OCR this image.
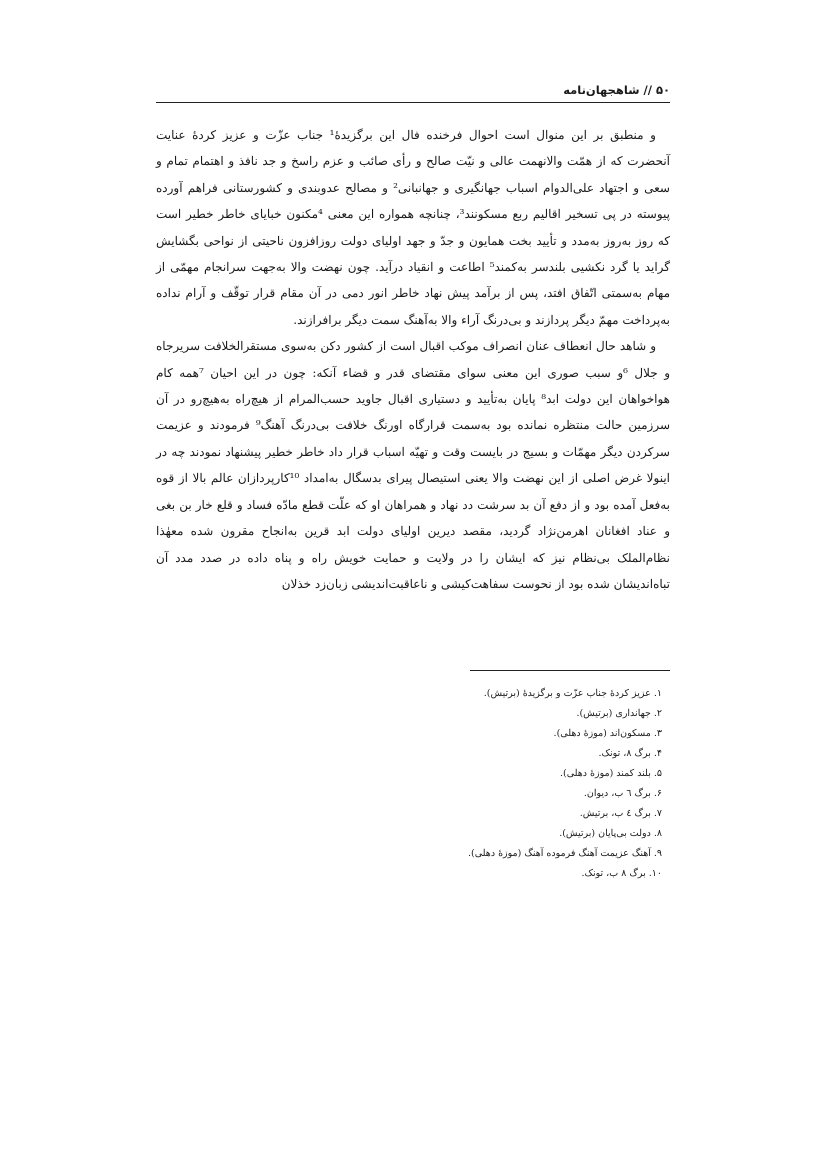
۵۰ // شاهجهان‌نامه

و منطبق بر این منوال است احوال فرخنده فال این برگزیدهٔ¹ جناب عزّت و عزیز کردهٔ عنایت آنحضرت که از همّت والانهمت عالی و نیّت صالح و رأی صائب و عزم راسخ و جد نافذ و اهتمام تمام و سعی و اجتهاد علی‌الدوام اسباب جهانگیری و جهانبانی² و مصالح عدوبندی و کشورستانی فراهم آورده پیوسته در پی تسخیر اقالیم ربع مسکونند³، چنانچه همواره این معنی ⁴مکنون خبایای خاطر خطیر است که روز به‌روز به‌مدد و تأیید بخت همایون و جدّ و جهد اولیای دولت روزافزون ناحیتی از نواحی بگشایش گراید یا گرد نکشیی بلندسر به‌کمند⁵ اطاعت و انقیاد درآید. چون نهضت والا به‌جهت سرانجام مهمّی از مهام به‌سمتی اتّفاق افتد، پس از برآمد پیش نهاد خاطر انور دمی در آن مقام قرار توقّف و آرام نداده به‌پرداخت مهمّ دیگر پردازند و بی‌درنگ آراء والا به‌آهنگ سمت دیگر برافرازند.

و شاهد حال انعطاف عنان انصراف موکب اقبال است از کشور دکن به‌سوی مستقرالخلافت سریرجاه و جلال ⁶و سبب صوری این معنی سوای مقتضای قدر و قضاء آنکه: چون در این احیان ⁷همه کام هواخواهان این دولت ابد⁸ پایان به‌تأیید و دستیاری اقبال جاوید حسب‌المرام از هیچ‌راه به‌هیچ‌رو در آن سرزمین حالت منتظره نمانده بود به‌سمت قرارگاه اورنگ خلافت بی‌درنگ آهنگ⁹ فرمودند و عزیمت سرکردن دیگر مهمّات و بسیج در بایست وقت و تهیّه اسباب قرار داد خاطر خطیر پیشنهاد نمودند چه در اینولا غرض اصلی از این نهضت والا یعنی استیصال پیرای بدسگال به‌امداد ¹⁰کارپردازان عالم بالا از قوه به‌فعل آمده بود و از دفع آن بد سرشت دد نهاد و همراهان او که علّت قطع مادّه فساد و قلع خار بن بغی و عناد افغانان اهرمن‌نژاد گردید، مقصد دیرین اولیای دولت ابد قرین به‌انجاح مقرون شده معهٰذا نظام‌الملک بی‌نظام نیز که ایشان را در ولایت و حمایت خویش راه و پناه داده در صدد مدد آن تباه‌اندیشان شده بود از نحوست سفاهت‌کیشی و ناعاقبت‌اندیشی زبان‌زد خذلان

۱. عزیز کردهٔ جناب عزّت و برگزیدهٔ (برتیش).

۲. جهانداری (برتیش).

۳. مسکون‌اند (موزهٔ دهلی).

۴. برگ ۸، تونک.

۵. بلند کمند (موزهٔ دهلی).

۶. برگ ٦ ب، دیوان.

۷. برگ ٤ ب، برتیش.

۸. دولت بی‌پایان (برتیش).

۹. آهنگ عزیمت آهنگ فرموده آهنگ (موزهٔ دهلی).

۱۰. برگ ۸ ب، تونک.
